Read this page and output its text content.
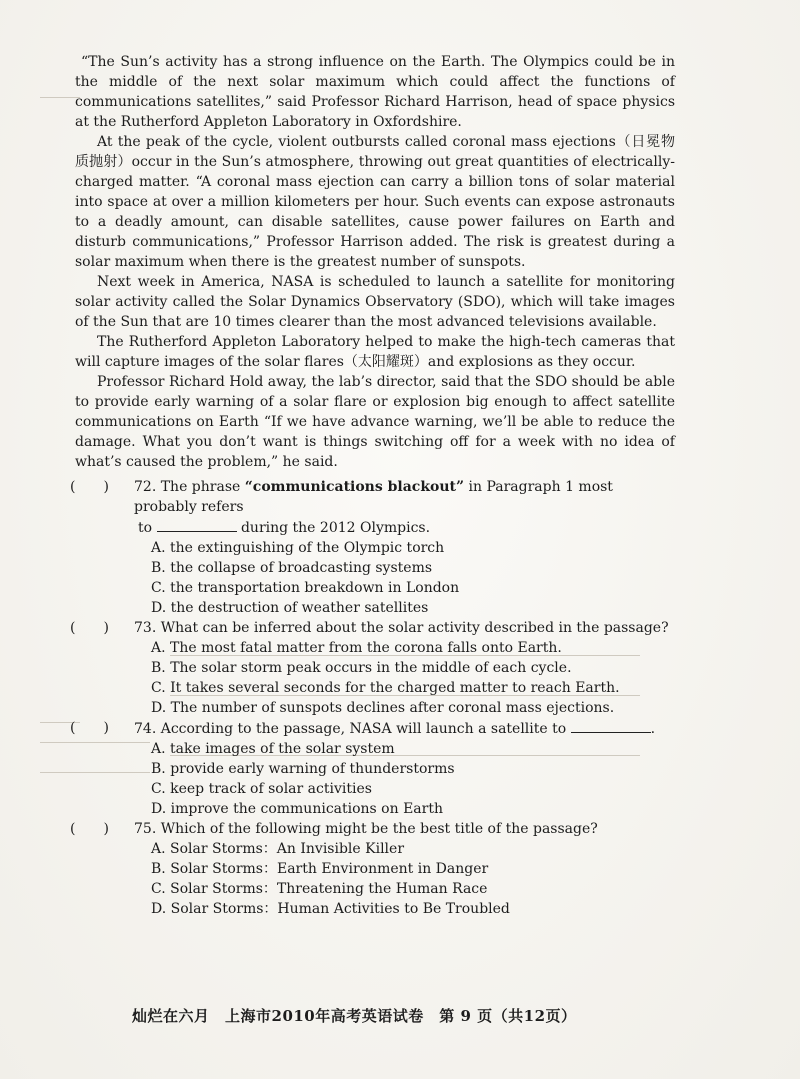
“The Sun’s activity has a strong influence on the Earth. The Olympics could be in the middle of the next solar maximum which could affect the functions of communications satellites,” said Professor Richard Harrison, head of space physics at the Rutherford Appleton Laboratory in Oxfordshire.

At the peak of the cycle, violent outbursts called coronal mass ejections（日冕物质抛射）occur in the Sun’s atmosphere, throwing out great quantities of electrically-charged matter. “A coronal mass ejection can carry a billion tons of solar material into space at over a million kilometers per hour. Such events can expose astronauts to a deadly amount, can disable satellites, cause power failures on Earth and disturb communications,” Professor Harrison added. The risk is greatest during a solar maximum when there is the greatest number of sunspots.

Next week in America, NASA is scheduled to launch a satellite for monitoring solar activity called the Solar Dynamics Observatory (SDO), which will take images of the Sun that are 10 times clearer than the most advanced televisions available.

The Rutherford Appleton Laboratory helped to make the high-tech cameras that will capture images of the solar flares（太阳耀斑）and explosions as they occur.

Professor Richard Hold away, the lab’s director, said that the SDO should be able to provide early warning of a solar flare or explosion big enough to affect satellite communications on Earth “If we have advance warning, we’ll be able to reduce the damage. What you don’t want is things switching off for a week with no idea of what’s caused the problem,” he said.

(　　)	72. The phrase “communications blackout” in Paragraph 1 most probably refers
to	during the 2012 Olympics.
A. the extinguishing of the Olympic torch
B. the collapse of broadcasting systems
C. the transportation breakdown in London
D. the destruction of weather satellites
(　　)	73. What can be inferred about the solar activity described in the passage?
A. The most fatal matter from the corona falls onto Earth.
B. The solar storm peak occurs in the middle of each cycle.
C. It takes several seconds for the charged matter to reach Earth.
D. The number of sunspots declines after coronal mass ejections.
(　　)	74. According to the passage, NASA will launch a satellite to	.
A. take images of the solar system
B. provide early warning of thunderstorms
C. keep track of solar activities
D. improve the communications on Earth
(　　)	75. Which of the following might be the best title of the passage?
A. Solar Storms：An Invisible Killer
B. Solar Storms：Earth Environment in Danger
C. Solar Storms：Threatening the Human Race
D. Solar Storms：Human Activities to Be Troubled
灿烂在六月　上海市2010年高考英语试卷　第 9 页（共12页）
